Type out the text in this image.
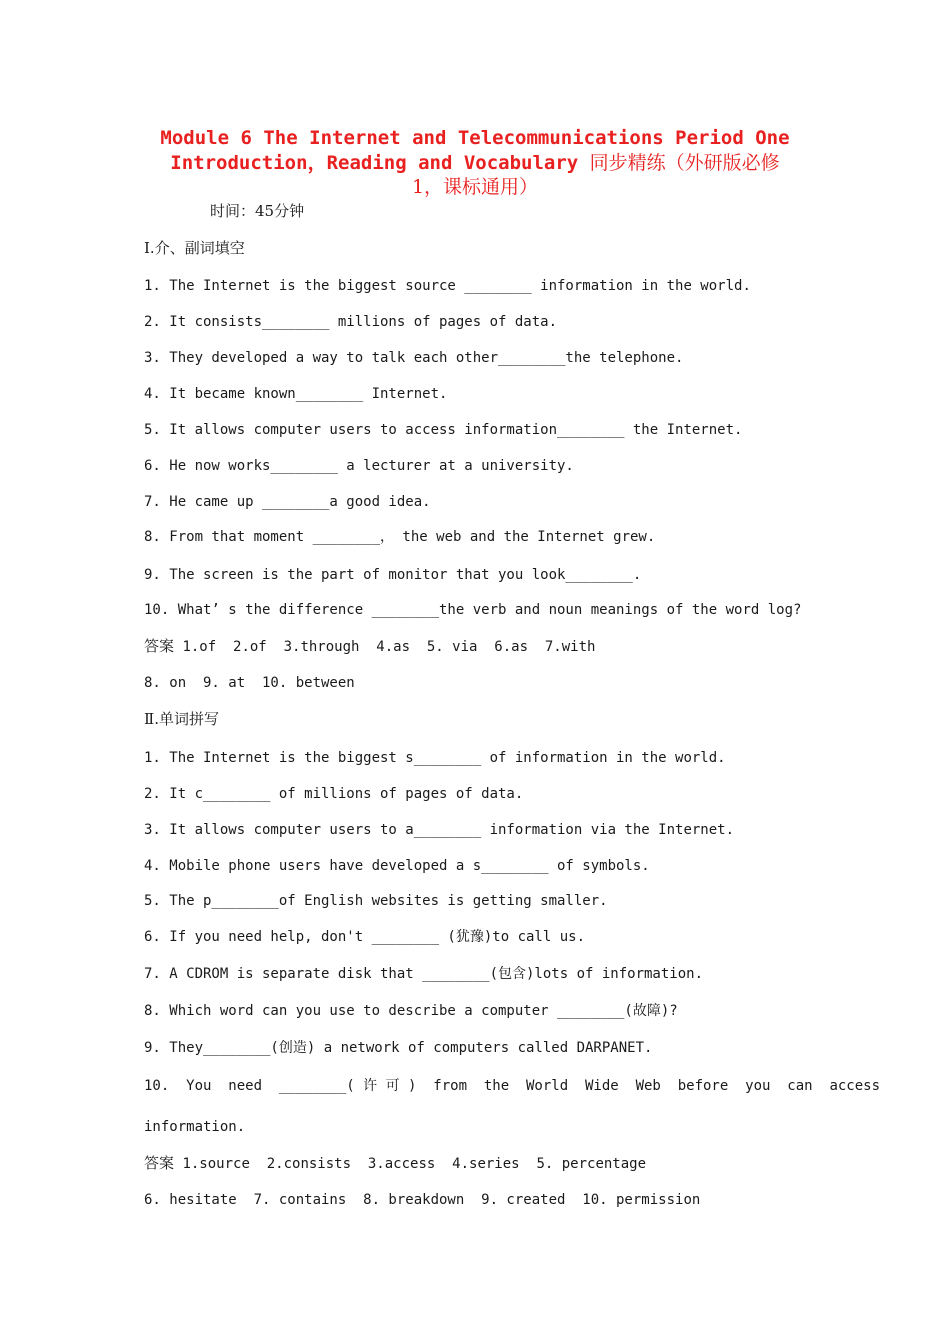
Module 6 The Internet and Telecommunications Period One
Introduction，Reading and Vocabulary 同步精练（外研版必修
1，课标通用）
时间：45分钟
I.介、副词填空
1. The Internet is the biggest source ________ information in the world.
2. It consists________ millions of pages of data.
3. They developed a way to talk each other________the telephone.
4. It became known________ Internet.
5. It allows computer users to access information________ the Internet.
6. He now works________ a lecturer at a university.
7. He came up ________a good idea.
8. From that moment ________， the web and the Internet grew.
9. The screen is the part of monitor that you look________.
10. What’ s the difference ________the verb and noun meanings of the word log?
答案 1.of  2.of  3.through  4.as  5. via  6.as  7.with
8. on  9. at  10. between
Ⅱ.单词拼写
1. The Internet is the biggest s________ of information in the world.
2. It c________ of millions of pages of data.
3. It allows computer users to a________ information via the Internet.
4. Mobile phone users have developed a s________ of symbols.
5. The p________of English websites is getting smaller.
6. If you need help, don't ________ (犹豫)to call us.
7. A CDROM is separate disk that ________(包含)lots of information.
8. Which word can you use to describe a computer ________(故障)?
9. They________(创造) a network of computers called DARPANET.
10.  You  need  ________( 许 可 )  from  the  World  Wide  Web  before  you  can  access
information.
答案 1.source  2.consists  3.access  4.series  5. percentage
6. hesitate  7. contains  8. breakdown  9. created  10. permission
